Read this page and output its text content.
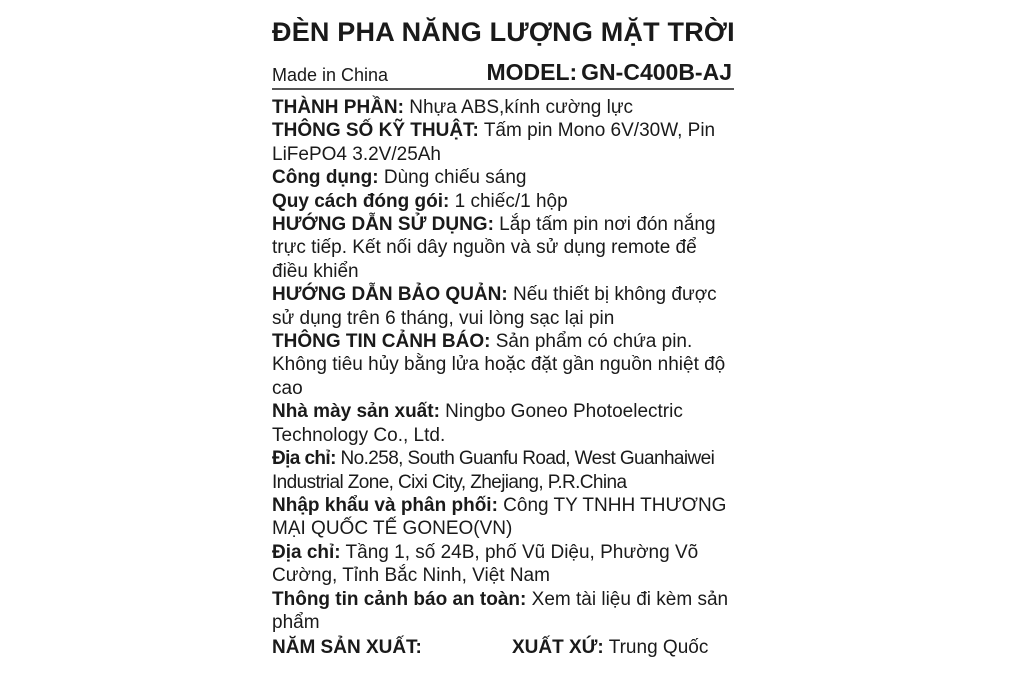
ĐÈN PHA NĂNG LƯỢNG MẶT TRỜI
Made in China	MODEL: GN-C400B-AJ

THÀNH PHẦN: Nhựa ABS,kính cường lực

THÔNG SỐ KỸ THUẬT: Tấm pin Mono 6V/30W, Pin LiFePO4 3.2V/25Ah

Công dụng: Dùng chiếu sáng

Quy cách đóng gói: 1 chiếc/1 hộp

HƯỚNG DẪN SỬ DỤNG: Lắp tấm pin nơi đón nắng trực tiếp. Kết nối dây nguồn và sử dụng remote để điều khiển

HƯỚNG DẪN BẢO QUẢN: Nếu thiết bị không được sử dụng trên 6 tháng, vui lòng sạc lại pin

THÔNG TIN CẢNH BÁO: Sản phẩm có chứa pin. Không tiêu hủy bằng lửa hoặc đặt gần nguồn nhiệt độ cao

Nhà mày sản xuất: Ningbo Goneo Photoelectric Technology Co., Ltd.

Địa chỉ: No.258, South Guanfu Road, West Guanhaiwei Industrial Zone, Cixi City, Zhejiang, P.R.China

Nhập khẩu và phân phối: Công TY TNHH THƯƠNG MẠI QUỐC TẾ GONEO(VN)

Địa chỉ: Tầng 1, số 24B, phố Vũ Diệu, Phường Võ Cường, Tỉnh Bắc Ninh, Việt Nam

Thông tin cảnh báo an toàn: Xem tài liệu đi kèm sản phẩm

NĂM SẢN XUẤT:	XUẤT XỨ: Trung Quốc
